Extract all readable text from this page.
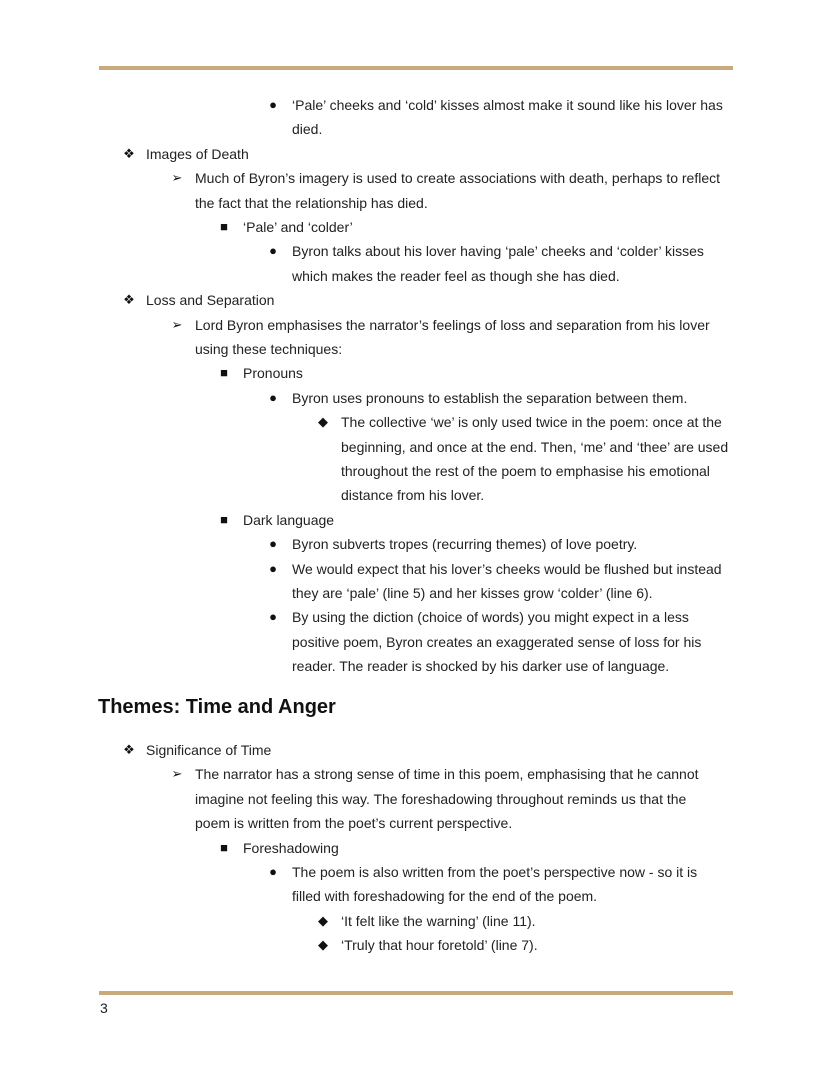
●	‘Pale’ cheeks and ‘cold’ kisses almost make it sound like his lover has
died.
❖ Images of Death
➢ Much of Byron’s imagery is used to create associations with death, perhaps to reflect
the fact that the relationship has died.
■	‘Pale’ and ‘colder’
●	Byron talks about his lover having ‘pale’ cheeks and ‘colder’ kisses
which makes the reader feel as though she has died.
❖ Loss and Separation
➢ Lord Byron emphasises the narrator’s feelings of loss and separation from his lover
using these techniques:
■	Pronouns
●	Byron uses pronouns to establish the separation between them.
◆ The collective ‘we’ is only used twice in the poem: once at the
beginning, and once at the end. Then, ‘me’ and ‘thee’ are used
throughout the rest of the poem to emphasise his emotional
distance from his lover.
■	Dark language
●	Byron subverts tropes (recurring themes) of love poetry.
●	We would expect that his lover’s cheeks would be flushed but instead
they are ‘pale’ (line 5) and her kisses grow ‘colder’ (line 6).
●	By using the diction (choice of words) you might expect in a less
positive poem, Byron creates an exaggerated sense of loss for his
reader. The reader is shocked by his darker use of language.
Themes: Time and Anger
❖ Significance of Time
➢ The narrator has a strong sense of time in this poem, emphasising that he cannot
imagine not feeling this way. The foreshadowing throughout reminds us that the
poem is written from the poet’s current perspective.
■	Foreshadowing
●	The poem is also written from the poet’s perspective now - so it is
filled with foreshadowing for the end of the poem.
◆ ‘It felt like the warning’ (line 11).
◆ ‘Truly that hour foretold’ (line 7).
3
